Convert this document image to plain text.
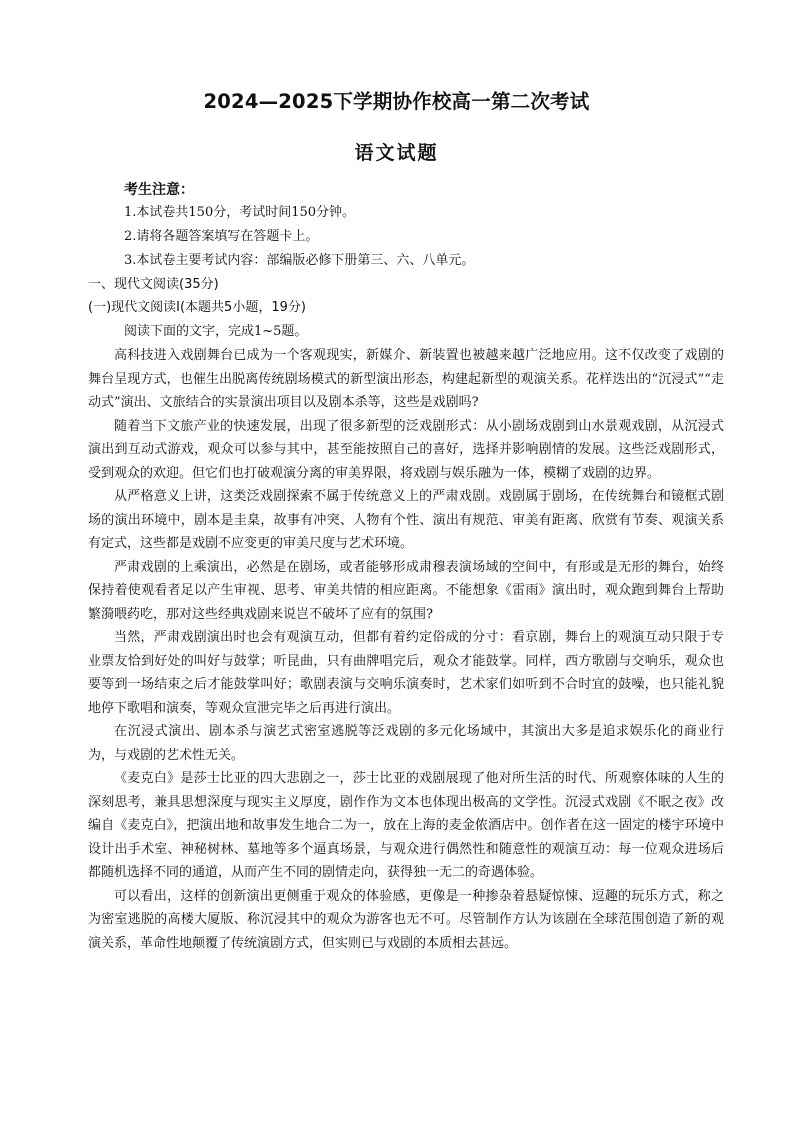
2024—2025下学期协作校高一第二次考试
语文试题
考生注意：
1.本试卷共150分，考试时间150分钟。
2.请将各题答案填写在答题卡上。
3.本试卷主要考试内容：部编版必修下册第三、六、八单元。
一、现代文阅读(35分)
(一)现代文阅读Ⅰ(本题共5小题，19分)
阅读下面的文字，完成1~5题。

高科技进入戏剧舞台已成为一个客观现实，新媒介、新装置也被越来越广泛地应用。这不仅改变了戏剧的舞台呈现方式，也催生出脱离传统剧场模式的新型演出形态，构建起新型的观演关系。花样迭出的“沉浸式”“走动式”演出、文旅结合的实景演出项目以及剧本杀等，这些是戏剧吗?

随着当下文旅产业的快速发展，出现了很多新型的泛戏剧形式：从小剧场戏剧到山水景观戏剧，从沉浸式演出到互动式游戏，观众可以参与其中，甚至能按照自己的喜好，选择并影响剧情的发展。这些泛戏剧形式，受到观众的欢迎。但它们也打破观演分离的审美界限，将戏剧与娱乐融为一体，模糊了戏剧的边界。

从严格意义上讲，这类泛戏剧探索不属于传统意义上的严肃戏剧。戏剧属于剧场，在传统舞台和镜框式剧场的演出环境中，剧本是圭臬，故事有冲突、人物有个性、演出有规范、审美有距离、欣赏有节奏、观演关系有定式，这些都是戏剧不应变更的审美尺度与艺术环境。

严肃戏剧的上乘演出，必然是在剧场，或者能够形成肃穆表演场域的空间中，有形或是无形的舞台，始终保持着使观看者足以产生审视、思考、审美共情的相应距离。不能想象《雷雨》演出时，观众跑到舞台上帮助繁漪喂药吃，那对这些经典戏剧来说岂不破坏了应有的氛围?

当然，严肃戏剧演出时也会有观演互动，但都有着约定俗成的分寸：看京剧，舞台上的观演互动只限于专业票友恰到好处的叫好与鼓掌；听昆曲，只有曲牌唱完后，观众才能鼓掌。同样，西方歌剧与交响乐，观众也要等到一场结束之后才能鼓掌叫好；歌剧表演与交响乐演奏时，艺术家们如听到不合时宜的鼓噪，也只能礼貌地停下歌唱和演奏，等观众宣泄完毕之后再进行演出。

在沉浸式演出、剧本杀与演艺式密室逃脱等泛戏剧的多元化场域中，其演出大多是追求娱乐化的商业行为，与戏剧的艺术性无关。

《麦克白》是莎士比亚的四大悲剧之一，莎士比亚的戏剧展现了他对所生活的时代、所观察体味的人生的深刻思考，兼具思想深度与现实主义厚度，剧作作为文本也体现出极高的文学性。沉浸式戏剧《不眠之夜》改编自《麦克白》，把演出地和故事发生地合二为一，放在上海的麦金侬酒店中。创作者在这一固定的楼宇环境中设计出手术室、神秘树林、墓地等多个逼真场景，与观众进行偶然性和随意性的观演互动：每一位观众进场后都随机选择不同的通道，从而产生不同的剧情走向，获得独一无二的奇遇体验。

可以看出，这样的创新演出更侧重于观众的体验感，更像是一种掺杂着悬疑惊悚、逗趣的玩乐方式，称之为密室逃脱的高楼大厦版、称沉浸其中的观众为游客也无不可。尽管制作方认为该剧在全球范围创造了新的观演关系，革命性地颠覆了传统演剧方式，但实则已与戏剧的本质相去甚远。
